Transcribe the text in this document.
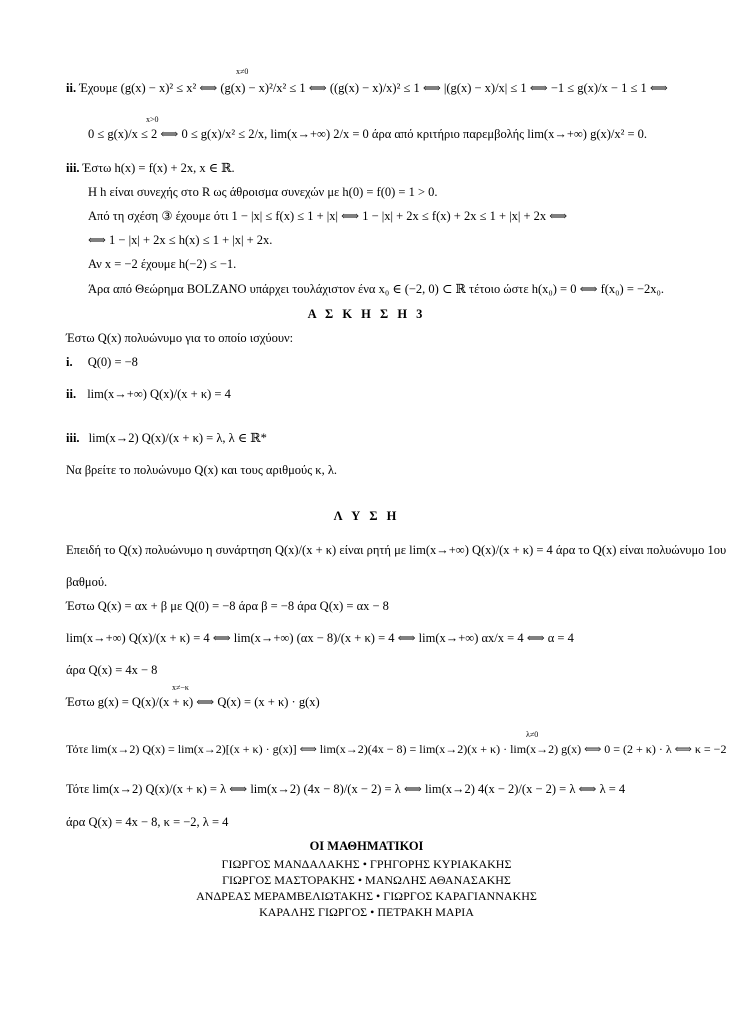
ii. Έχουμε (g(x) − x)² ≤ x² ⟺ (g(x) − x)²/x² ≤ 1 ⟺ ((g(x) − x)/x)² ≤ 1 ⟺ |(g(x) − x)/x| ≤ 1 ⟺ −1 ≤ g(x)/x − 1 ≤ 1 ⟺
x≠0
0 ≤ g(x)/x ≤ 2 ⟺ 0 ≤ g(x)/x² ≤ 2/x, lim(x→+∞) 2/x = 0 άρα από κριτήριο παρεμβολής lim(x→+∞) g(x)/x² = 0.
x>0
iii. Έστω h(x) = f(x) + 2x, x ∈ ℝ.
Η h είναι συνεχής στο R ως άθροισμα συνεχών με h(0) = f(0) = 1 > 0.
Από τη σχέση ③ έχουμε ότι 1 − |x| ≤ f(x) ≤ 1 + |x| ⟺ 1 − |x| + 2x ≤ f(x) + 2x ≤ 1 + |x| + 2x ⟺
⟺ 1 − |x| + 2x ≤ h(x) ≤ 1 + |x| + 2x.
Αν x = −2 έχουμε h(−2) ≤ −1.
Άρα από Θεώρημα BOLZANO υπάρχει τουλάχιστον ένα x₀ ∈ (−2, 0) ⊂ ℝ τέτοιο ώστε h(x₀) = 0 ⟺ f(x₀) = −2x₀.
Α Σ Κ Η Σ Η 3
Έστω Q(x) πολυώνυμο για το οποίο ισχύουν:
i. Q(0) = −8
ii. lim(x→+∞) Q(x)/(x + κ) = 4
iii. lim(x→2) Q(x)/(x + κ) = λ, λ ∈ ℝ*
Να βρείτε το πολυώνυμο Q(x) και τους αριθμούς κ, λ.
Λ Υ Σ Η
Επειδή το Q(x) πολυώνυμο η συνάρτηση Q(x)/(x + κ) είναι ρητή με lim(x→+∞) Q(x)/(x + κ) = 4 άρα το Q(x) είναι πολυώνυμο 1ου
βαθμού.
Έστω Q(x) = αx + β με Q(0) = −8 άρα β = −8 άρα Q(x) = αx − 8
lim(x→+∞) Q(x)/(x + κ) = 4 ⟺ lim(x→+∞) (αx − 8)/(x + κ) = 4 ⟺ lim(x→+∞) αx/x = 4 ⟺ α = 4
άρα Q(x) = 4x − 8
Έστω g(x) = Q(x)/(x + κ) ⟺ Q(x) = (x + κ) · g(x)
x≠−κ
Τότε lim(x→2) Q(x) = lim(x→2)[(x + κ) · g(x)] ⟺ lim(x→2)(4x − 8) = lim(x→2)(x + κ) · lim(x→2) g(x) ⟺ 0 = (2 + κ) · λ ⟺ κ = −2
λ≠0
Τότε lim(x→2) Q(x)/(x + κ) = λ ⟺ lim(x→2) (4x − 8)/(x − 2) = λ ⟺ lim(x→2) 4(x − 2)/(x − 2) = λ ⟺ λ = 4
άρα Q(x) = 4x − 8, κ = −2, λ = 4
ΟΙ ΜΑΘΗΜΑΤΙΚΟΙ
ΓΙΩΡΓΟΣ ΜΑΝΔΑΛΑΚΗΣ • ΓΡΗΓΟΡΗΣ ΚΥΡΙΑΚΑΚΗΣ
ΓΙΩΡΓΟΣ ΜΑΣΤΟΡΑΚΗΣ • ΜΑΝΩΛΗΣ ΑΘΑΝΑΣΑΚΗΣ
ΑΝΔΡΕΑΣ ΜΕΡΑΜΒΕΛΙΩΤΑΚΗΣ • ΓΙΩΡΓΟΣ ΚΑΡΑΓΙΑΝΝΑΚΗΣ
ΚΑΡΑΛΗΣ ΓΙΩΡΓΟΣ • ΠΕΤΡΑΚΗ ΜΑΡΙΑ
